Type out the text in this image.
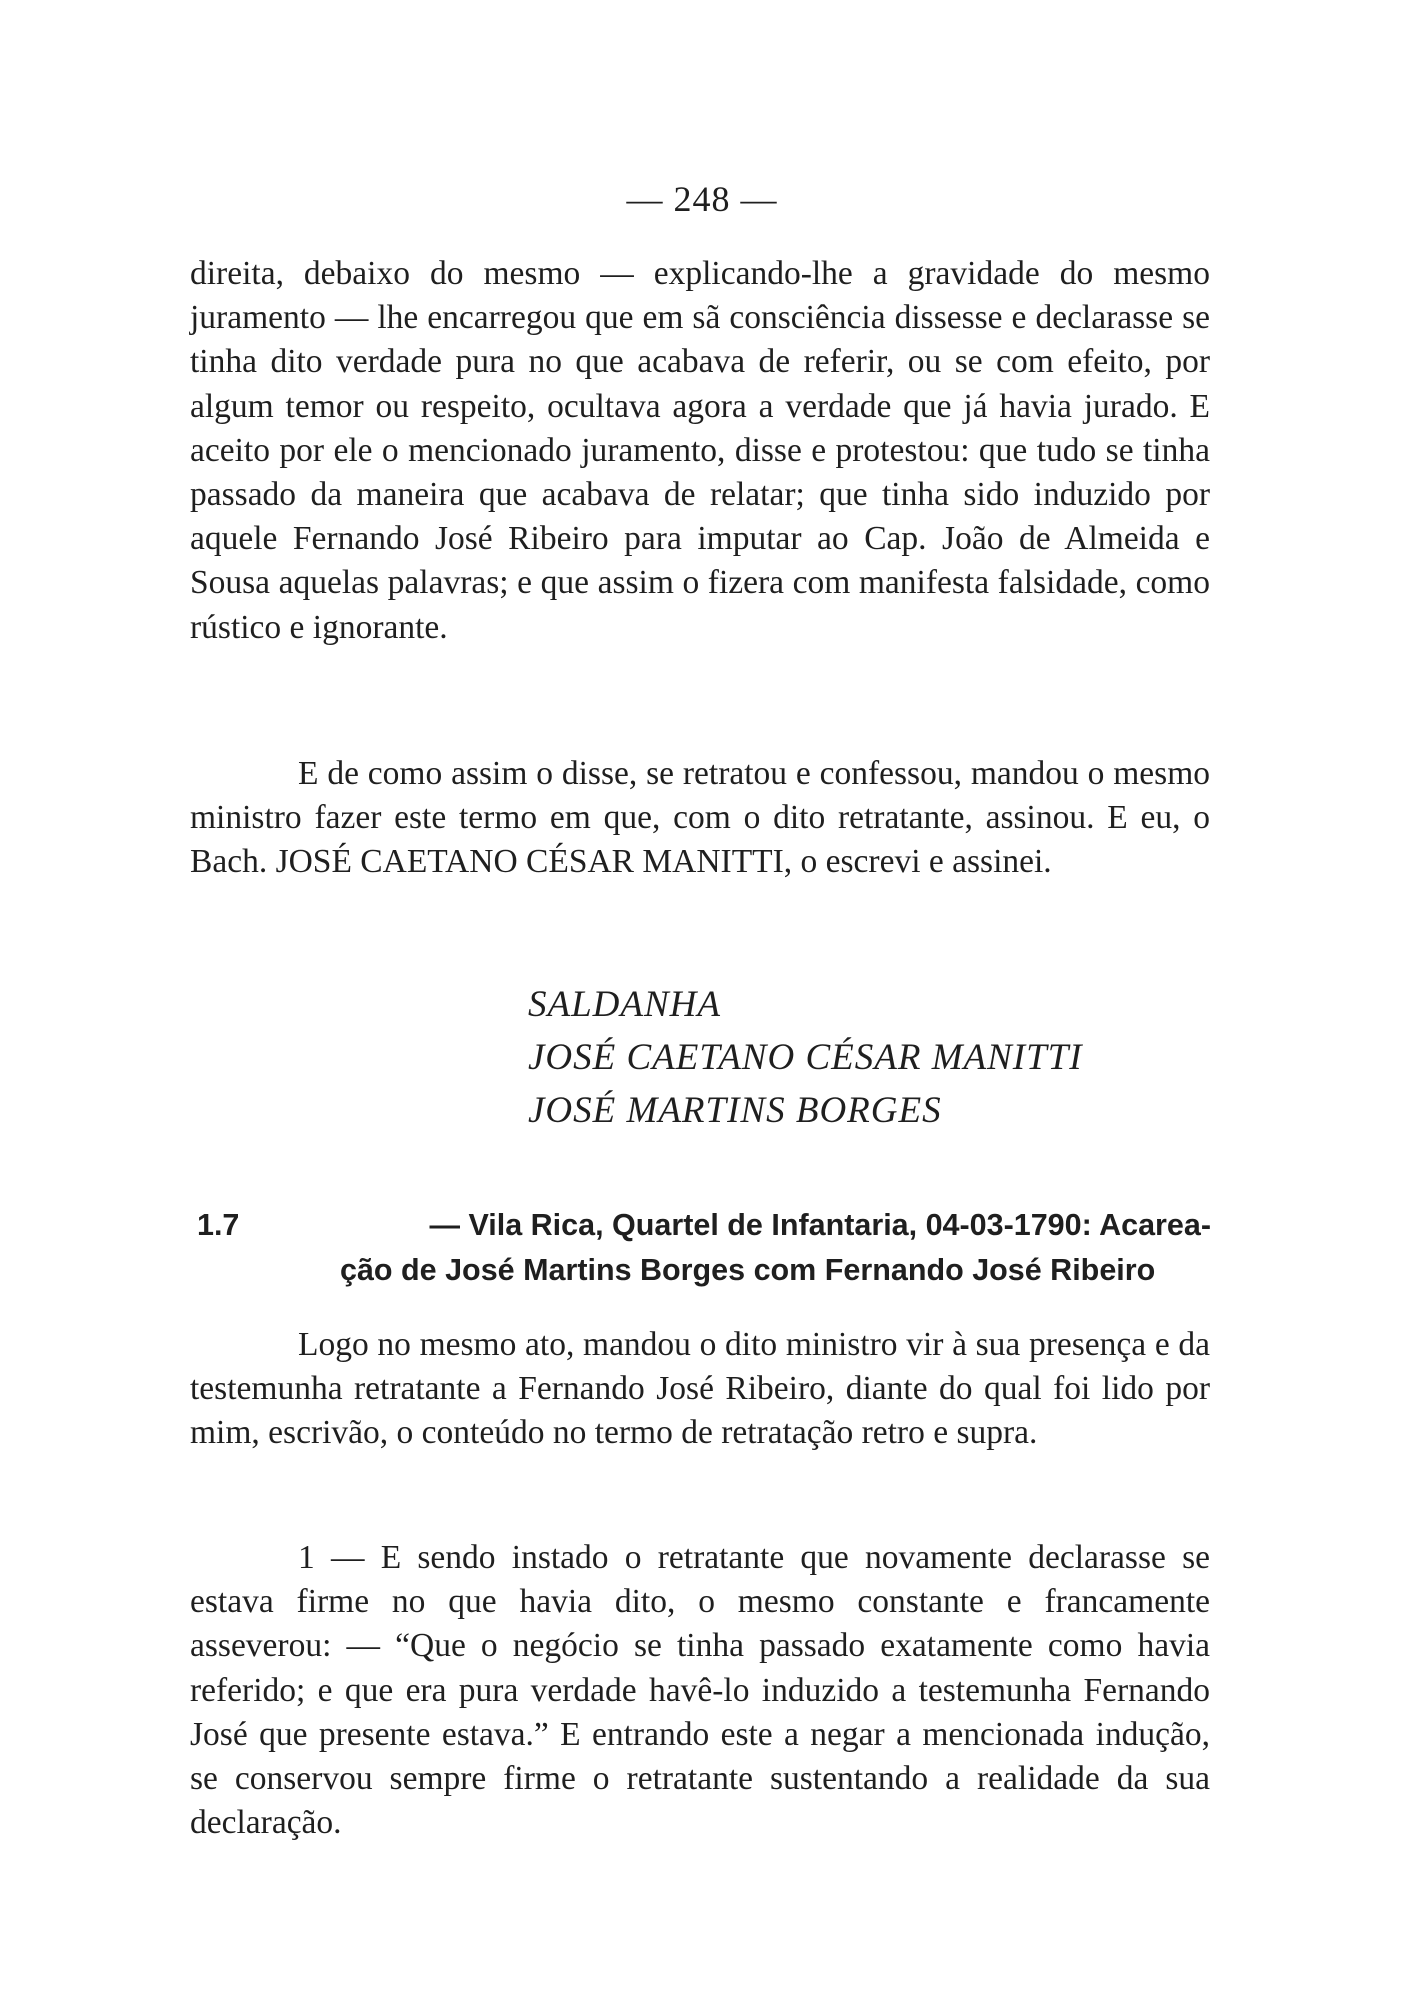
— 248 —

direita, debaixo do mesmo — explicando-lhe a gravidade do mesmo juramento — lhe encarregou que em sã consciência dissesse e declarasse se tinha dito verdade pura no que acabava de referir, ou se com efeito, por algum temor ou respeito, ocultava agora a verdade que já havia jurado. E aceito por ele o mencionado juramento, disse e protestou: que tudo se tinha passado da maneira que acabava de relatar; que tinha sido induzido por aquele Fernando José Ribeiro para imputar ao Cap. João de Almeida e Sousa aquelas palavras; e que assim o fizera com manifesta falsidade, como rústico e ignorante.

E de como assim o disse, se retratou e confessou, mandou o mesmo ministro fazer este termo em que, com o dito retratante, assinou. E eu, o Bach. JOSÉ CAETANO CÉSAR MANITTI, o escrevi e assinei.

SALDANHA
JOSÉ CAETANO CÉSAR MANITTI
JOSÉ MARTINS BORGES
1.7	— Vila Rica, Quartel de Infantaria, 04-03-1790: Acarea-
ção de José Martins Borges com Fernando José Ribeiro

Logo no mesmo ato, mandou o dito ministro vir à sua presença e da testemunha retratante a Fernando José Ribeiro, diante do qual foi lido por mim, escrivão, o conteúdo no termo de retratação retro e supra.

1 — E sendo instado o retratante que novamente declarasse se estava firme no que havia dito, o mesmo constante e francamente asseverou: — “Que o negócio se tinha passado exatamente como havia referido; e que era pura verdade havê-lo induzido a testemunha Fernando José que presente estava.” E entrando este a negar a mencionada indução, se conservou sempre firme o retratante sustentando a realidade da sua declaração.
